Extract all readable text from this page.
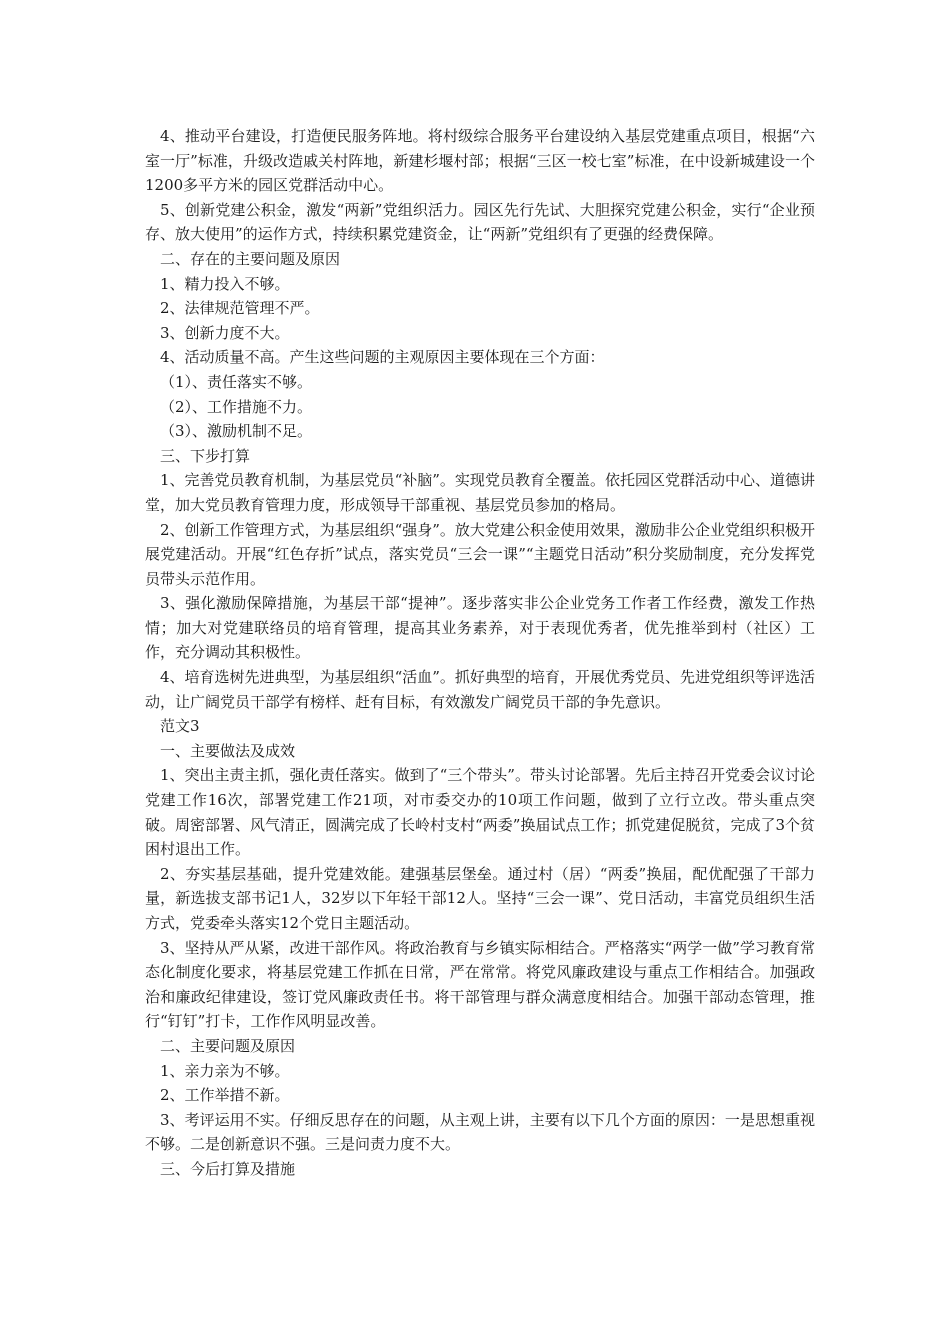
4、推动平台建设，打造便民服务阵地。将村级综合服务平台建设纳入基层党建重点项目，根据“六室一厅”标准，升级改造戚关村阵地，新建杉堰村部；根据“三区一校七室”标准，在中设新城建设一个1200多平方米的园区党群活动中心。

5、创新党建公积金，激发“两新”党组织活力。园区先行先试、大胆探究党建公积金，实行“企业预存、放大使用”的运作方式，持续积累党建资金，让“两新”党组织有了更强的经费保障。

二、存在的主要问题及原因

1、精力投入不够。

2、法律规范管理不严。

3、创新力度不大。

4、活动质量不高。产生这些问题的主观原因主要体现在三个方面：

（1）、责任落实不够。

（2）、工作措施不力。

（3）、激励机制不足。

三、下步打算

1、完善党员教育机制，为基层党员“补脑”。实现党员教育全覆盖。依托园区党群活动中心、道德讲堂，加大党员教育管理力度，形成领导干部重视、基层党员参加的格局。

2、创新工作管理方式，为基层组织“强身”。放大党建公积金使用效果，激励非公企业党组织积极开展党建活动。开展“红色存折”试点，落实党员“三会一课”“主题党日活动”积分奖励制度，充分发挥党员带头示范作用。

3、强化激励保障措施，为基层干部“提神”。逐步落实非公企业党务工作者工作经费，激发工作热情；加大对党建联络员的培育管理，提高其业务素养，对于表现优秀者，优先推举到村（社区）工作，充分调动其积极性。

4、培育选树先进典型，为基层组织“活血”。抓好典型的培育，开展优秀党员、先进党组织等评选活动，让广阔党员干部学有榜样、赶有目标，有效激发广阔党员干部的争先意识。

范文3

一、主要做法及成效

1、突出主责主抓，强化责任落实。做到了“三个带头”。带头讨论部署。先后主持召开党委会议讨论党建工作16次，部署党建工作21项，对市委交办的10项工作问题，做到了立行立改。带头重点突破。周密部署、风气清正，圆满完成了长岭村支村“两委”换届试点工作；抓党建促脱贫，完成了3个贫困村退出工作。

2、夯实基层基础，提升党建效能。建强基层堡垒。通过村（居）“两委”换届，配优配强了干部力量，新选拔支部书记1人，32岁以下年轻干部12人。坚持“三会一课”、党日活动，丰富党员组织生活方式，党委牵头落实12个党日主题活动。

3、坚持从严从紧，改进干部作风。将政治教育与乡镇实际相结合。严格落实“两学一做”学习教育常态化制度化要求，将基层党建工作抓在日常，严在常常。将党风廉政建设与重点工作相结合。加强政治和廉政纪律建设，签订党风廉政责任书。将干部管理与群众满意度相结合。加强干部动态管理，推行“钉钉”打卡，工作作风明显改善。

二、主要问题及原因

1、亲力亲为不够。

2、工作举措不新。

3、考评运用不实。仔细反思存在的问题，从主观上讲，主要有以下几个方面的原因：一是思想重视不够。二是创新意识不强。三是问责力度不大。

三、今后打算及措施
